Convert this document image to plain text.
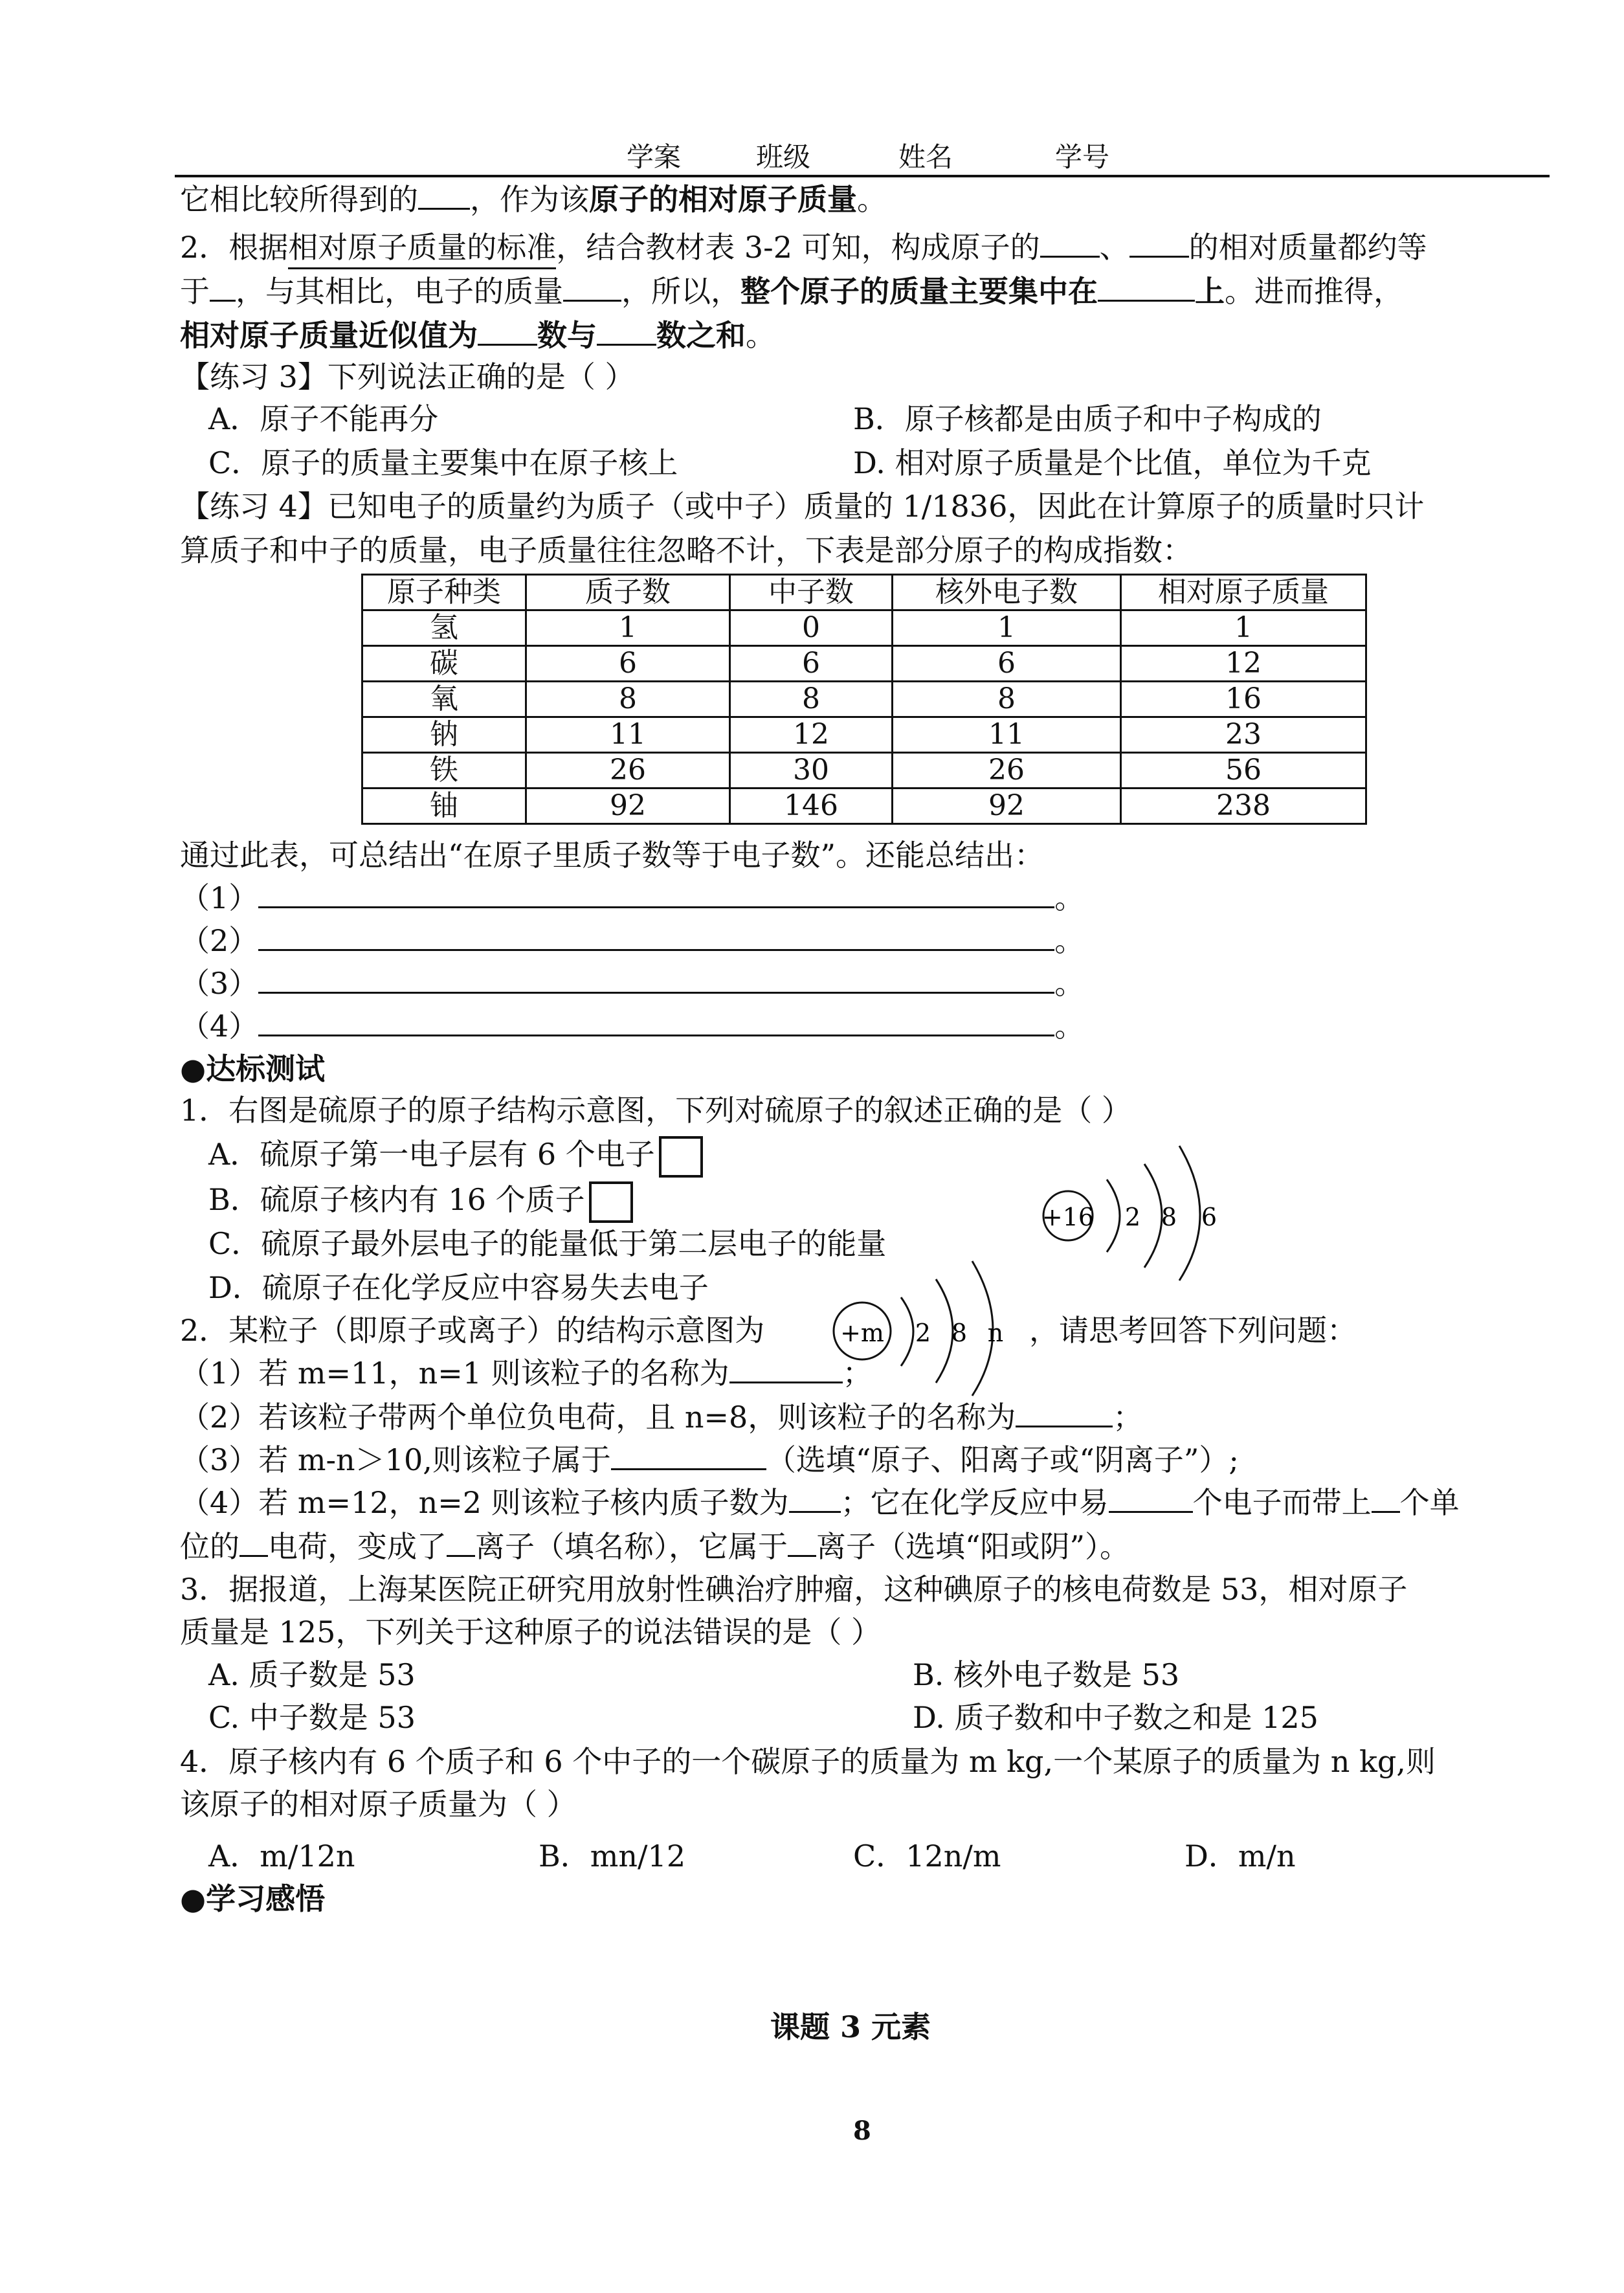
学案	班级	姓名	学号
它相比较所得到的 ，作为该原子的相对原子质量。
2．根据相对原子质量的标准，结合教材表 3-2 可知，构成原子的 、 的相对质量都约等
于 ，与其相比，电子的质量 ，所以，整个原子的质量主要集中在	上。进而推得，
相对原子质量近似值为 数与 数之和。
【练习 3】下列说法正确的是（ ）
A．原子不能再分	B．原子核都是由质子和中子构成的
C．原子的质量主要集中在原子核上	D. 相对原子质量是个比值，单位为千克
【练习 4】已知电子的质量约为质子（或中子）质量的 1/1836，因此在计算原子的质量时只计
算质子和中子的质量，电子质量往往忽略不计，下表是部分原子的构成指数：
原子种类	质子数	中子数	核外电子数	相对原子质量
氢	1	0	1	1
碳	6	6	6	12
氧	8	8	8	16
钠	11	12	11	23
铁	26	30	26	56
铀	92	146	92	238
通过此表，可总结出“在原子里质子数等于电子数”。还能总结出：
（1）	。
（2）	。
（3）	。
（4）	。
●达标测试
1．右图是硫原子的原子结构示意图，下列对硫原子的叙述正确的是（ ）
A．硫原子第一电子层有 6 个电子
B．硫原子核内有 16 个质子
C．硫原子最外层电子的能量低于第二层电子的能量
D．硫原子在化学反应中容易失去电子
+16 2 8 6
2．某粒子（即原子或离子）的结构示意图为	+m 2 8 n ，请思考回答下列问题：
（1）若 m=11，n=1 则该粒子的名称为	；
（2）若该粒子带两个单位负电荷，且 n=8，则该粒子的名称为	；
（3）若 m-n＞10,则该粒子属于	（选填“原子、阳离子或“阴离子”）;
（4）若 m=12，n=2 则该粒子核内质子数为 ；它在化学反应中易	个电子而带上 个单
位的 电荷，变成了 离子（填名称），它属于 离子（选填“阳或阴”）。
3．据报道，上海某医院正研究用放射性碘治疗肿瘤，这种碘原子的核电荷数是 53，相对原子
质量是 125，下列关于这种原子的说法错误的是（ ）
A. 质子数是 53	B. 核外电子数是 53
C. 中子数是 53	D. 质子数和中子数之和是 125
4．原子核内有 6 个质子和 6 个中子的一个碳原子的质量为 m kg,一个某原子的质量为 n kg,则
该原子的相对原子质量为（ ）
A．m/12n	B．mn/12	C．12n/m	D．m/n
●学习感悟
课题 3 元素
8
